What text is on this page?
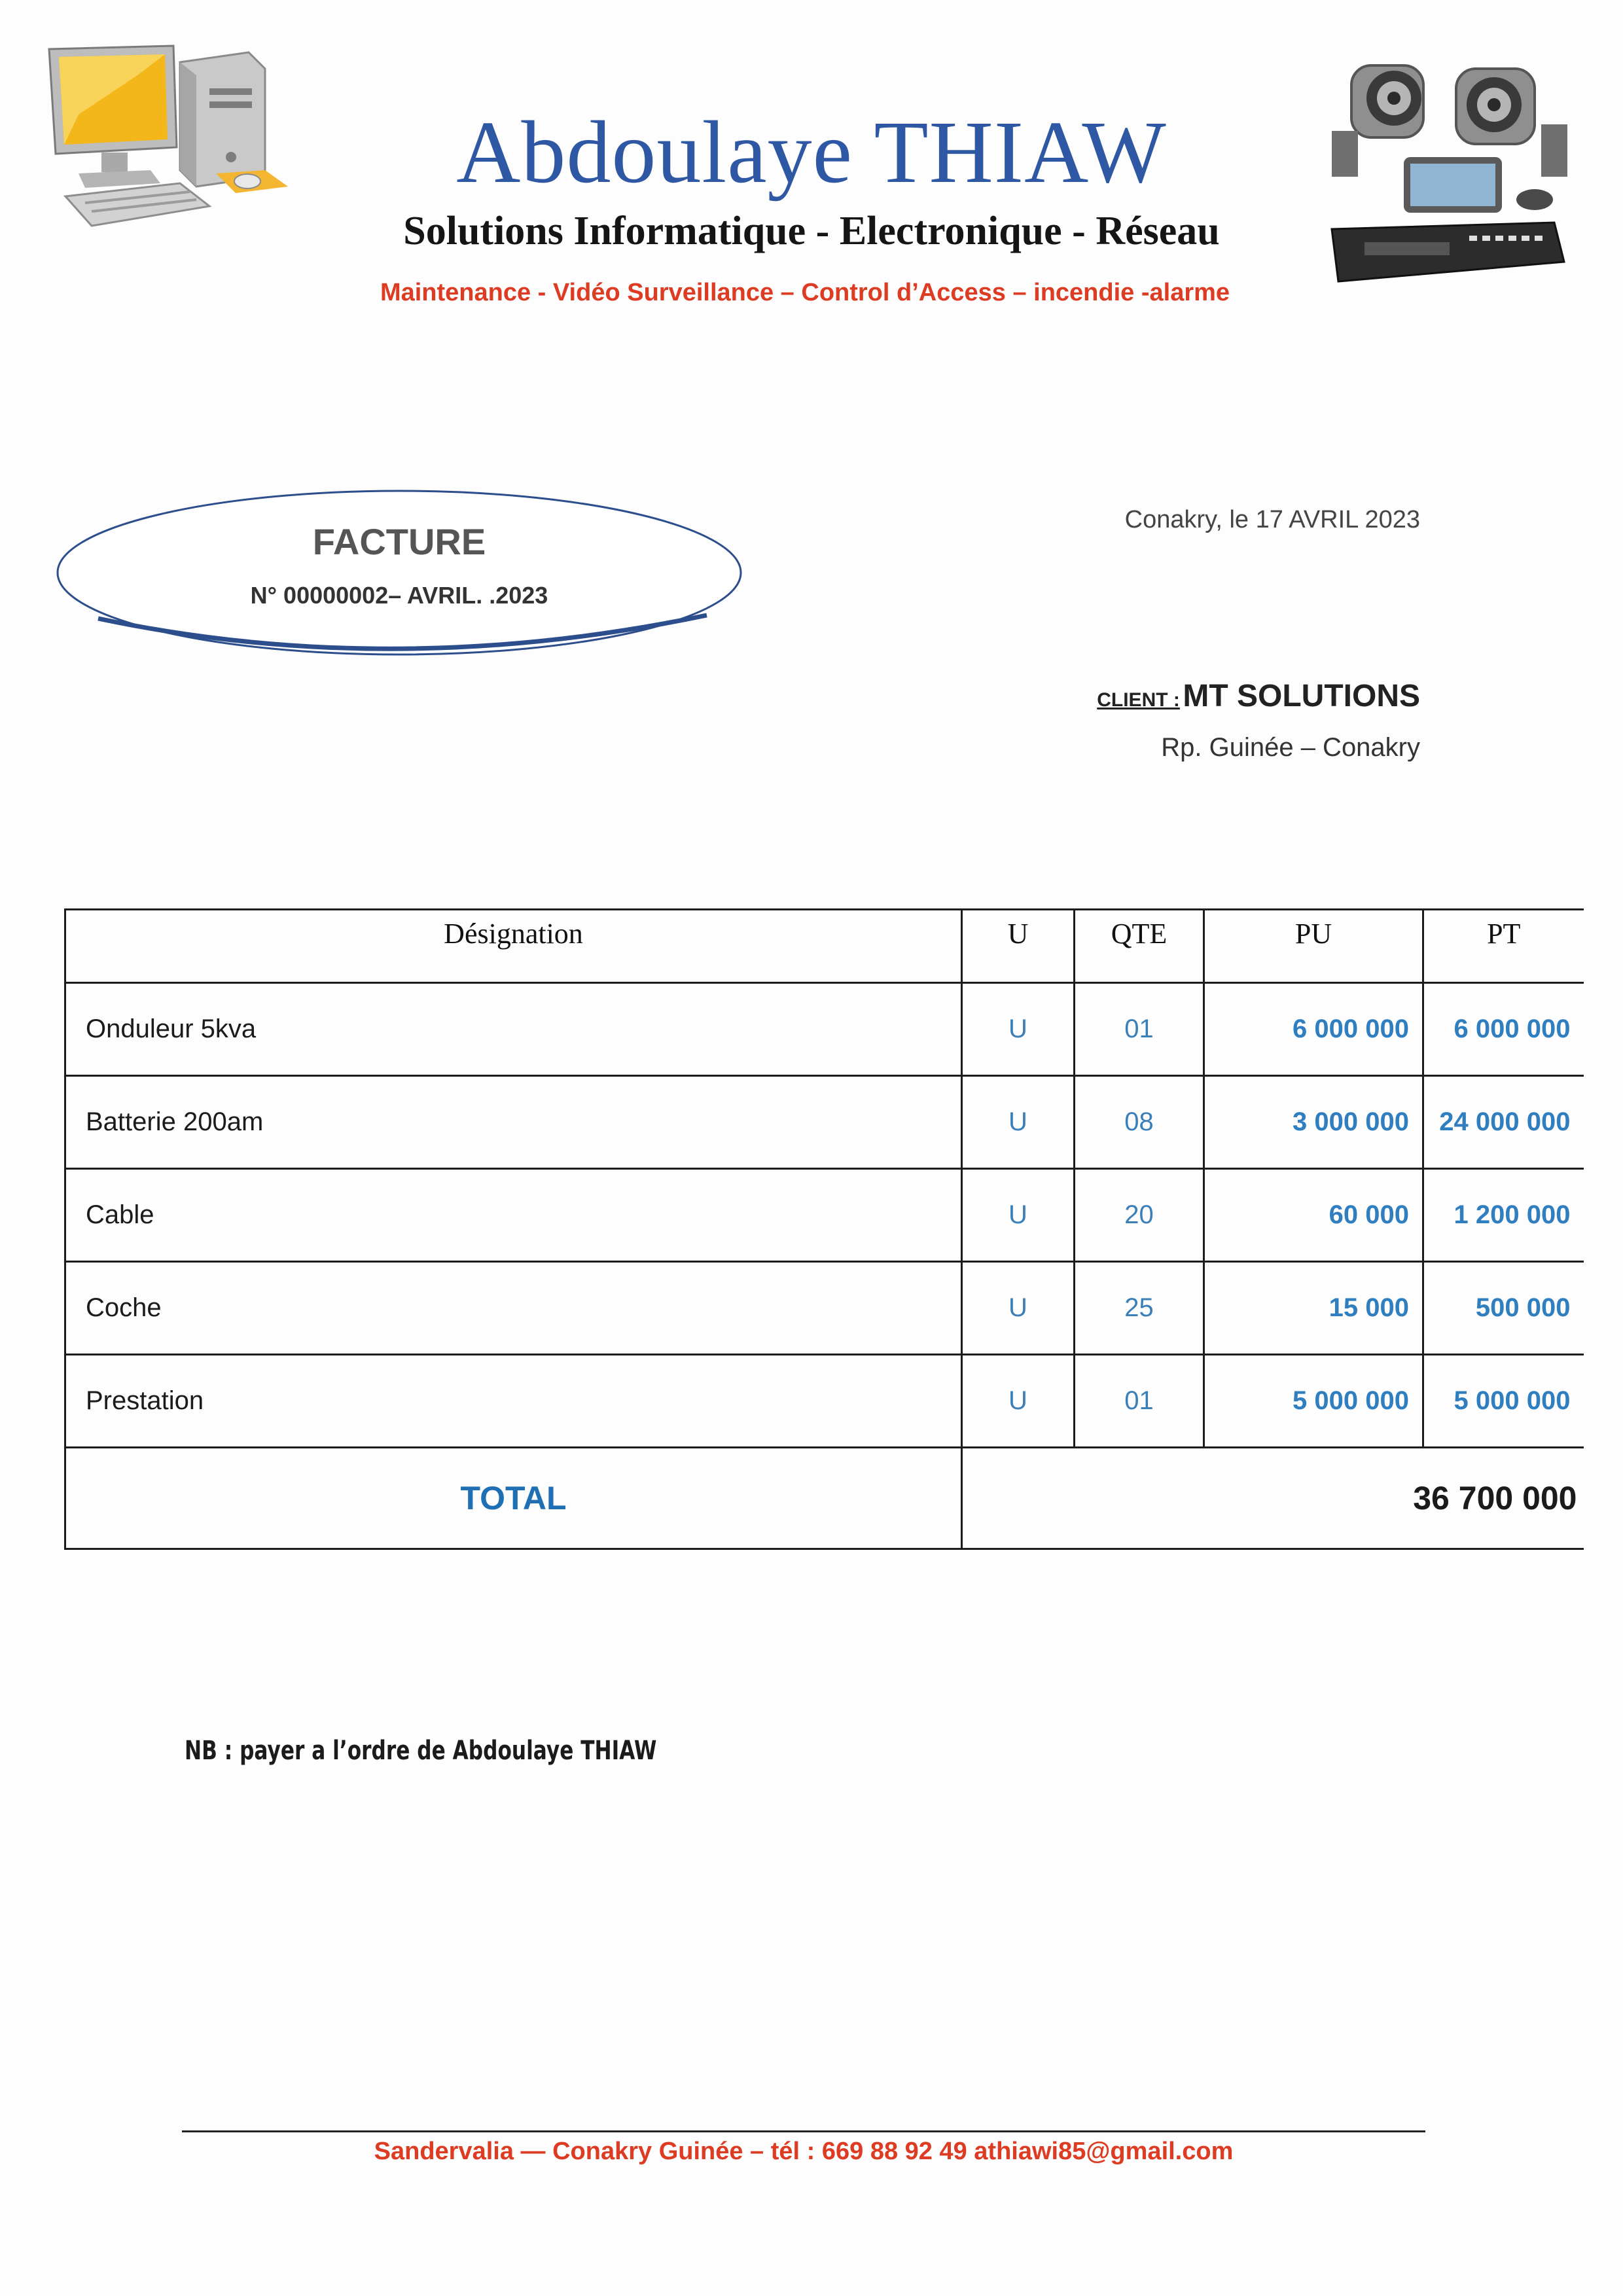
Abdoulaye THIAW
Solutions Informatique - Electronique - Réseau
Maintenance - Vidéo Surveillance – Control d’Access – incendie -alarme
FACTURE
N° 00000002– AVRIL. .2023
Conakry, le 17 AVRIL 2023
CLIENT : MT SOLUTIONS
Rp. Guinée – Conakry
Désignation	U	QTE	PU	PT
Onduleur 5kva	U	01	6 000 000	6 000 000
Batterie 200am	U	08	3 000 000	24 000 000
Cable	U	20	60 000	1 200 000
Coche	U	25	15 000	500 000
Prestation	U	01	5 000 000	5 000 000
TOTAL	36 700 000			
NB : payer a l’ordre de Abdoulaye THIAW
Sandervalia — Conakry Guinée – tél : 669 88 92 49 athiawi85@gmail.com
